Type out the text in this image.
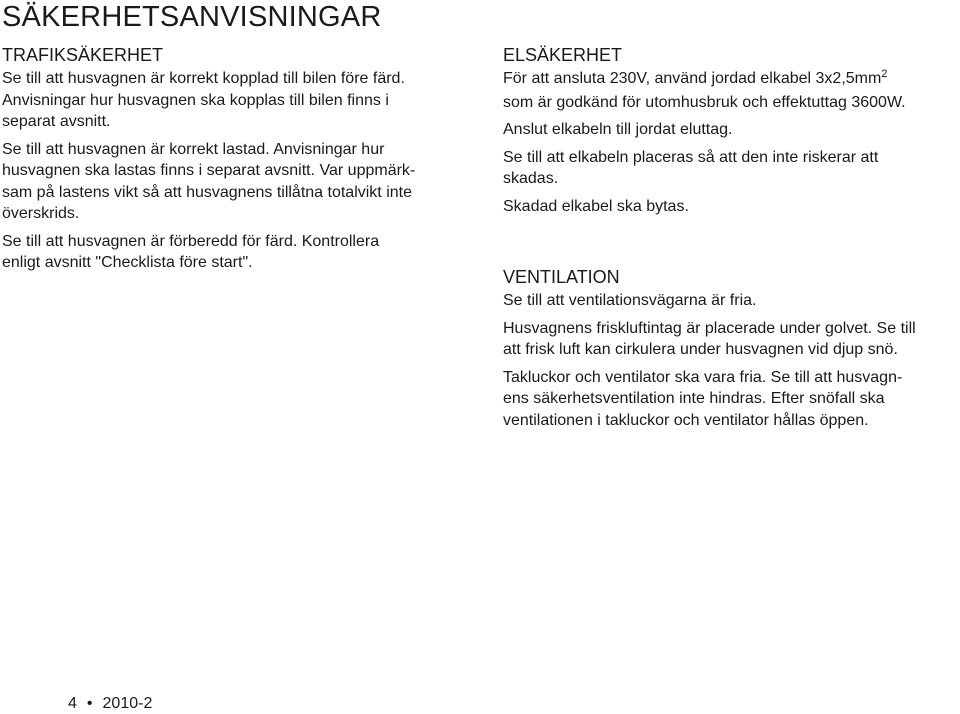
SÄKERHETSANVISNINGAR
TRAFIKSÄKERHET

Se till att husvagnen är korrekt kopplad till bilen före färd.
Anvisningar hur husvagnen ska kopplas till bilen finns i
separat avsnitt.

Se till att husvagnen är korrekt lastad. Anvisningar hur
husvagnen ska lastas finns i separat avsnitt. Var uppmärk-
sam på lastens vikt så att husvagnens tillåtna totalvikt inte
överskrids.

Se till att husvagnen är förberedd för färd. Kontrollera
enligt avsnitt "Checklista före start".

ELSÄKERHET

För att ansluta 230V, använd jordad elkabel $3x2,5mm^2$
som är godkänd för utomhusbruk och effektuttag 3600W.

Anslut elkabeln till jordat eluttag.

Se till att elkabeln placeras så att den inte riskerar att
skadas.

Skadad elkabel ska bytas.

VENTILATION

Se till att ventilationsvägarna är fria.

Husvagnens friskluftintag är placerade under golvet. Se till
att frisk luft kan cirkulera under husvagnen vid djup snö.

Takluckor och ventilator ska vara fria. Se till att husvagn-
ens säkerhetsventilation inte hindras. Efter snöfall ska
ventilationen i takluckor och ventilator hållas öppen.

4 • 2010-2
